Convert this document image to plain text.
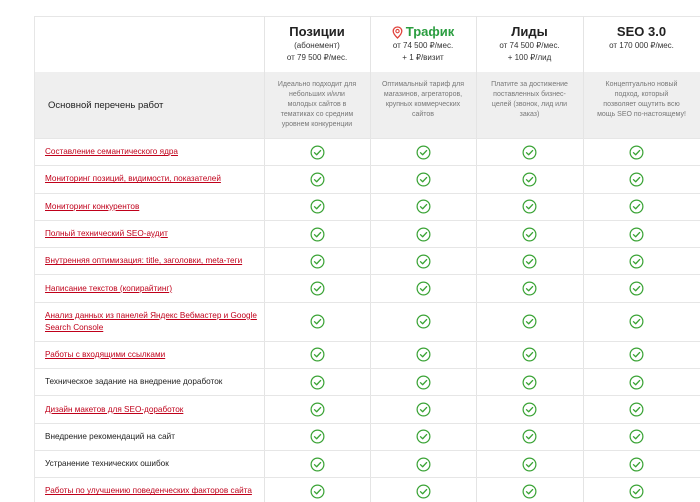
Основной перечень работ
Позиции
(абонемент)
от 79 500 ₽/мес.
Идеально подходит для
небольших и/или
молодых сайтов в
тематиках со средним
уровнем конкуренции
Трафик
от 74 500 ₽/мес.
+ 1 ₽/визит
Оптимальный тариф для
магазинов, агрегаторов,
крупных коммерческих
сайтов
Лиды
от 74 500 ₽/мес.
+ 100 ₽/лид
Платите за достижение
поставленных бизнес-
целей (звонок, лид или
заказ)
SEO 3.0
от 170 000 ₽/мес.
Концептуально новый
подход, который
позволяет ощутить всю
мощь SEO по-настоящему!
Составление семантического ядра
Мониторинг позиций, видимости, показателей
Мониторинг конкурентов
Полный технический SEO-аудит
Внутренняя оптимизация: title, заголовки, meta-теги
Написание текстов (копирайтинг)
Анализ данных из панелей Яндекс Вебмастер и Google Search Console
Работы с входящими ссылками
Техническое задание на внедрение доработок
Дизайн макетов для SEO-доработок
Внедрение рекомендаций на сайт
Устранение технических ошибок
Работы по улучшению поведенческих факторов сайта
